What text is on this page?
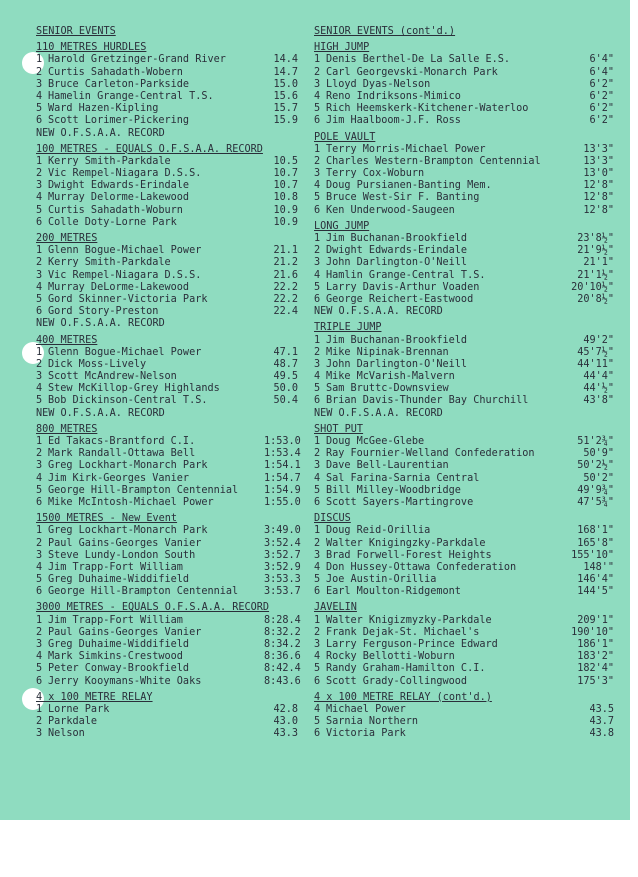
SENIOR EVENTS
110 METRES HURDLES
1 Harold Gretzinger-Grand River	14.4
2 Curtis Sahadath-Wobern	14.7
3 Bruce Carleton-Parkside	15.0
4 Hamelin Grange-Central T.S.	15.6
5 Ward Hazen-Kipling	15.7
6 Scott Lorimer-Pickering	15.9
NEW O.F.S.A.A. RECORD
100 METRES - EQUALS O.F.S.A.A. RECORD
1 Kerry Smith-Parkdale	10.5
2 Vic Rempel-Niagara D.S.S.	10.7
3 Dwight Edwards-Erindale	10.7
4 Murray Delorme-Lakewood	10.8
5 Curtis Sahadath-Woburn	10.9
6 Colle Doty-Lorne Park	10.9
200 METRES
1 Glenn Bogue-Michael Power	21.1
2 Kerry Smith-Parkdale	21.2
3 Vic Rempel-Niagara D.S.S.	21.6
4 Murray DeLorme-Lakewood	22.2
5 Gord Skinner-Victoria Park	22.2
6 Gord Story-Preston	22.4
NEW O.F.S.A.A. RECORD
400 METRES
1 Glenn Bogue-Michael Power	47.1
2 Dick Moss-Lively	48.7
3 Scott McAndrew-Nelson	49.5
4 Stew McKillop-Grey Highlands	50.0
5 Bob Dickinson-Central T.S.	50.4
NEW O.F.S.A.A. RECORD
800 METRES
1 Ed Takacs-Brantford C.I.	1:53.0
2 Mark Randall-Ottawa Bell	1:53.4
3 Greg Lockhart-Monarch Park	1:54.1
4 Jim Kirk-Georges Vanier	1:54.7
5 George Hill-Brampton Centennial	1:54.9
6 Mike McIntosh-Michael Power	1:55.0
1500 METRES - New Event
1 Greg Lockhart-Monarch Park	3:49.0
2 Paul Gains-Georges Vanier	3:52.4
3 Steve Lundy-London South	3:52.7
4 Jim Trapp-Fort William	3:52.9
5 Greg Duhaime-Widdifield	3:53.3
6 George Hill-Brampton Centennial	3:53.7
3000 METRES - EQUALS O.F.S.A.A. RECORD
1 Jim Trapp-Fort William	8:28.4
2 Paul Gains-Georges Vanier	8:32.2
3 Greg Duhaime-Widdifield	8:34.2
4 Mark Simkins-Crestwood	8:36.6
5 Peter Conway-Brookfield	8:42.4
6 Jerry Kooymans-White Oaks	8:43.6
4 x 100 METRE RELAY
1 Lorne Park	42.8
2 Parkdale	43.0
3 Nelson	43.3
SENIOR EVENTS (cont'd.)
HIGH JUMP
1 Denis Berthel-De La Salle E.S.	6'4"
2 Carl Georgevski-Monarch Park	6'4"
3 Lloyd Dyas-Nelson	6'2"
4 Reno Indriksons-Mimico	6'2"
5 Rich Heemskerk-Kitchener-Waterloo	6'2"
6 Jim Haalboom-J.F. Ross	6'2"
POLE VAULT
1 Terry Morris-Michael Power	13'3"
2 Charles Western-Brampton Centennial	13'3"
3 Terry Cox-Woburn	13'0"
4 Doug Pursianen-Banting Mem.	12'8"
5 Bruce West-Sir F. Banting	12'8"
6 Ken Underwood-Saugeen	12'8"
LONG JUMP
1 Jim Buchanan-Brookfield	23'8½"
2 Dwight Edwards-Erindale	21'9½"
3 John Darlington-O'Neill	21'1"
4 Hamlin Grange-Central T.S.	21'1½"
5 Larry Davis-Arthur Voaden	20'10½"
6 George Reichert-Eastwood	20'8½"
NEW O.F.S.A.A. RECORD
TRIPLE JUMP
1 Jim Buchanan-Brookfield	49'2"
2 Mike Nipinak-Brennan	45'7½"
3 John Darlington-O'Neill	44'11"
4 Mike McVarish-Malvern	44'4"
5 Sam Bruttc-Downsview	44'½"
6 Brian Davis-Thunder Bay Churchill	43'8"
NEW O.F.S.A.A. RECORD
SHOT PUT
1 Doug McGee-Glebe	51'2¾"
2 Ray Fournier-Welland Confederation	50'9"
3 Dave Bell-Laurentian	50'2½"
4 Sal Farina-Sarnia Central	50'2"
5 Bill Milley-Woodbridge	49'9¾"
6 Scott Sayers-Martingrove	47'5¾"
DISCUS
1 Doug Reid-Orillia	168'1"
2 Walter Knigingzky-Parkdale	165'8"
3 Brad Forwell-Forest Heights	155'10"
4 Don Hussey-Ottawa Confederation	148'"
5 Joe Austin-Orillia	146'4"
6 Earl Moulton-Ridgemont	144'5"
JAVELIN
1 Walter Knigizmyzky-Parkdale	209'1"
2 Frank Dejak-St. Michael's	190'10"
3 Larry Ferguson-Prince Edward	186'1"
4 Rocky Bellotti-Woburn	183'2"
5 Randy Graham-Hamilton C.I.	182'4"
6 Scott Grady-Collingwood	175'3"
4 x 100 METRE RELAY (cont'd.)
4 Michael Power	43.5
5 Sarnia Northern	43.7
6 Victoria Park	43.8
